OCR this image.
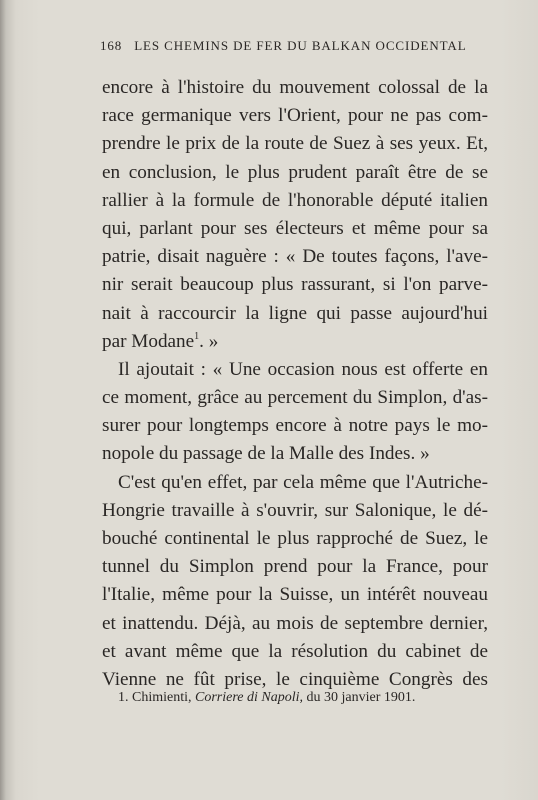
168 LES CHEMINS DE FER DU BALKAN OCCIDENTAL
encore à l'histoire du mouvement colossal de la
race germanique vers l'Orient, pour ne pas com-
prendre le prix de la route de Suez à ses yeux. Et,
en conclusion, le plus prudent paraît être de se
rallier à la formule de l'honorable député italien
qui, parlant pour ses électeurs et même pour sa
patrie, disait naguère : « De toutes façons, l'ave-
nir serait beaucoup plus rassurant, si l'on parve-
nait à raccourcir la ligne qui passe aujourd'hui
par Modane$^1$. »
Il ajoutait : « Une occasion nous est offerte en
ce moment, grâce au percement du Simplon, d'as-
surer pour longtemps encore à notre pays le mo-
nopole du passage de la Malle des Indes. »
C'est qu'en effet, par cela même que l'Autriche-
Hongrie travaille à s'ouvrir, sur Salonique, le dé-
bouché continental le plus rapproché de Suez, le
tunnel du Simplon prend pour la France, pour
l'Italie, même pour la Suisse, un intérêt nouveau
et inattendu. Déjà, au mois de septembre dernier,
et avant même que la résolution du cabinet de
Vienne ne fût prise, le cinquième Congrès des
1. Chimienti, Corriere di Napoli, du 30 janvier 1901.
